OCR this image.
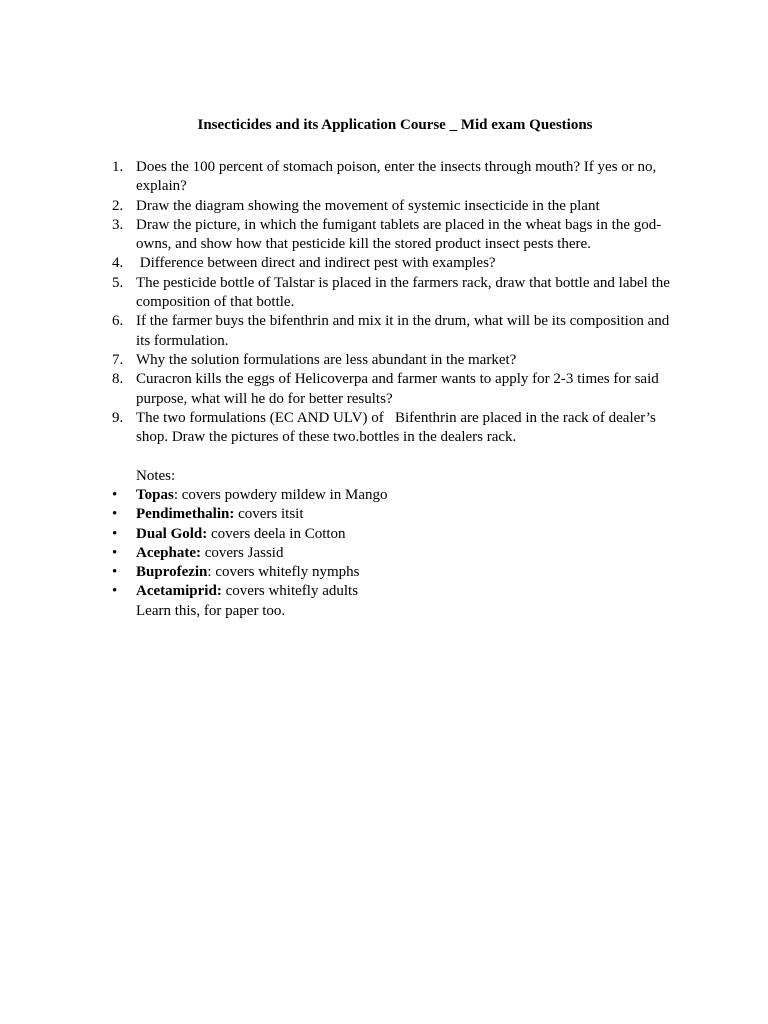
Insecticides and its Application Course _ Mid exam Questions
1. Does the 100 percent of stomach poison, enter the insects through mouth? If yes or no, explain?
2. Draw the diagram showing the movement of systemic insecticide in the plant
3. Draw the picture, in which the fumigant tablets are placed in the wheat bags in the god-owns, and show how that pesticide kill the stored product insect pests there.
4. Difference between direct and indirect pest with examples?
5. The pesticide bottle of Talstar is placed in the farmers rack, draw that bottle and label the composition of that bottle.
6. If the farmer buys the bifenthrin and mix it in the drum, what will be its composition and its formulation.
7. Why the solution formulations are less abundant in the market?
8. Curacron kills the eggs of Helicoverpa and farmer wants to apply for 2-3 times for said purpose, what will he do for better results?
9. The two formulations (EC AND ULV) of   Bifenthrin are placed in the rack of dealer’s shop. Draw the pictures of these two.bottles in the dealers rack.
Notes:
• Topas: covers powdery mildew in Mango
• Pendimethalin: covers itsit
• Dual Gold: covers deela in Cotton
• Acephate: covers Jassid
• Buprofezin: covers whitefly nymphs
• Acetamiprid: covers whitefly adults
Learn this, for paper too.
